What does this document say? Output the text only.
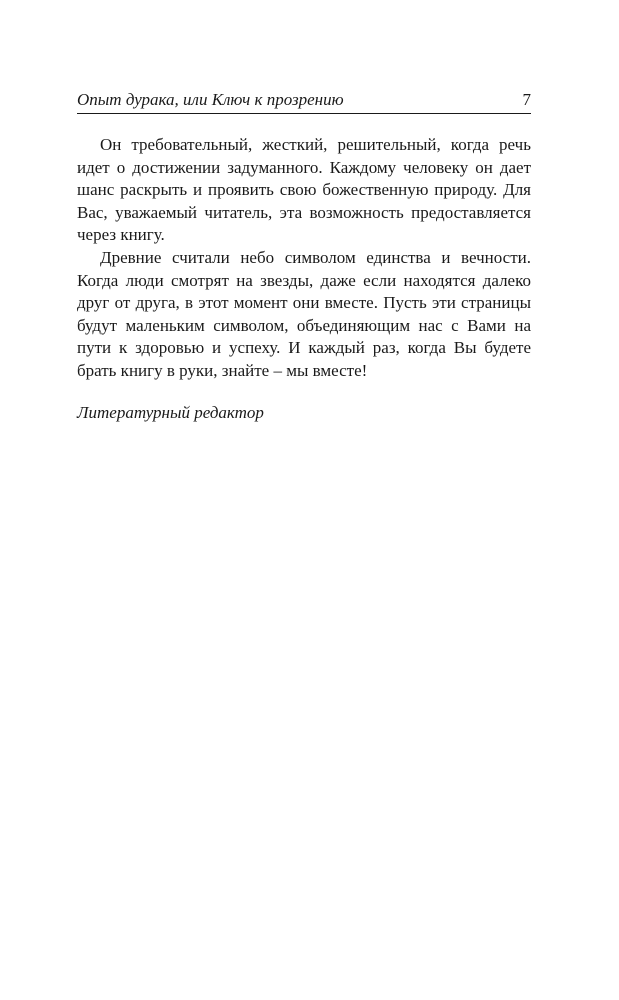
Опыт дурака, или Ключ к прозрению	7

Он требовательный, жесткий, решительный, когда речь идет о достижении задуманного. Каждому человеку он дает шанс раскрыть и проявить свою божественную природу. Для Вас, уважаемый читатель, эта возможность предоставляется через книгу.

Древние считали небо символом единства и вечности. Когда люди смотрят на звезды, даже если находятся далеко друг от друга, в этот момент они вместе. Пусть эти страницы будут маленьким символом, объединяющим нас с Вами на пути к здоровью и успеху. И каждый раз, когда Вы будете брать книгу в руки, знайте – мы вместе!

Литературный редактор
